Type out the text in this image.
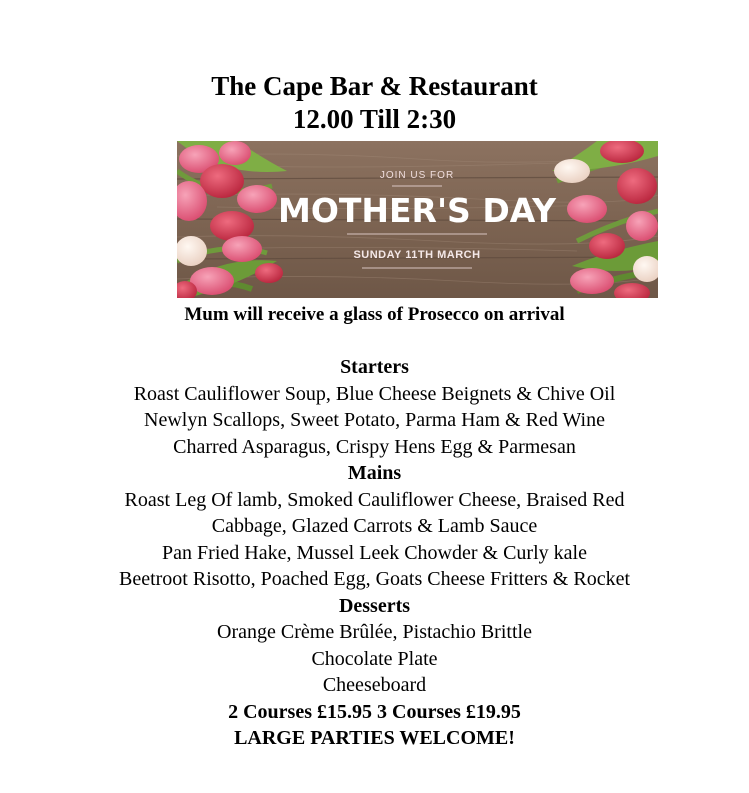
The Cape Bar & Restaurant
12.00 Till 2:30
JOIN US FOR
MOTHER'S DAY
SUNDAY 11TH MARCH
Mum will receive a glass of Prosecco on arrival
Starters
Roast Cauliflower Soup, Blue Cheese Beignets & Chive Oil
Newlyn Scallops, Sweet Potato, Parma Ham & Red Wine
Charred Asparagus, Crispy Hens Egg & Parmesan
Mains
Roast Leg Of lamb, Smoked Cauliflower Cheese, Braised Red Cabbage, Glazed Carrots & Lamb Sauce
Pan Fried Hake, Mussel Leek Chowder & Curly kale
Beetroot Risotto, Poached Egg, Goats Cheese Fritters & Rocket
Desserts
Orange Crème Brûlée, Pistachio Brittle
Chocolate Plate
Cheeseboard
2 Courses £15.95 3 Courses £19.95
LARGE PARTIES WELCOME!
